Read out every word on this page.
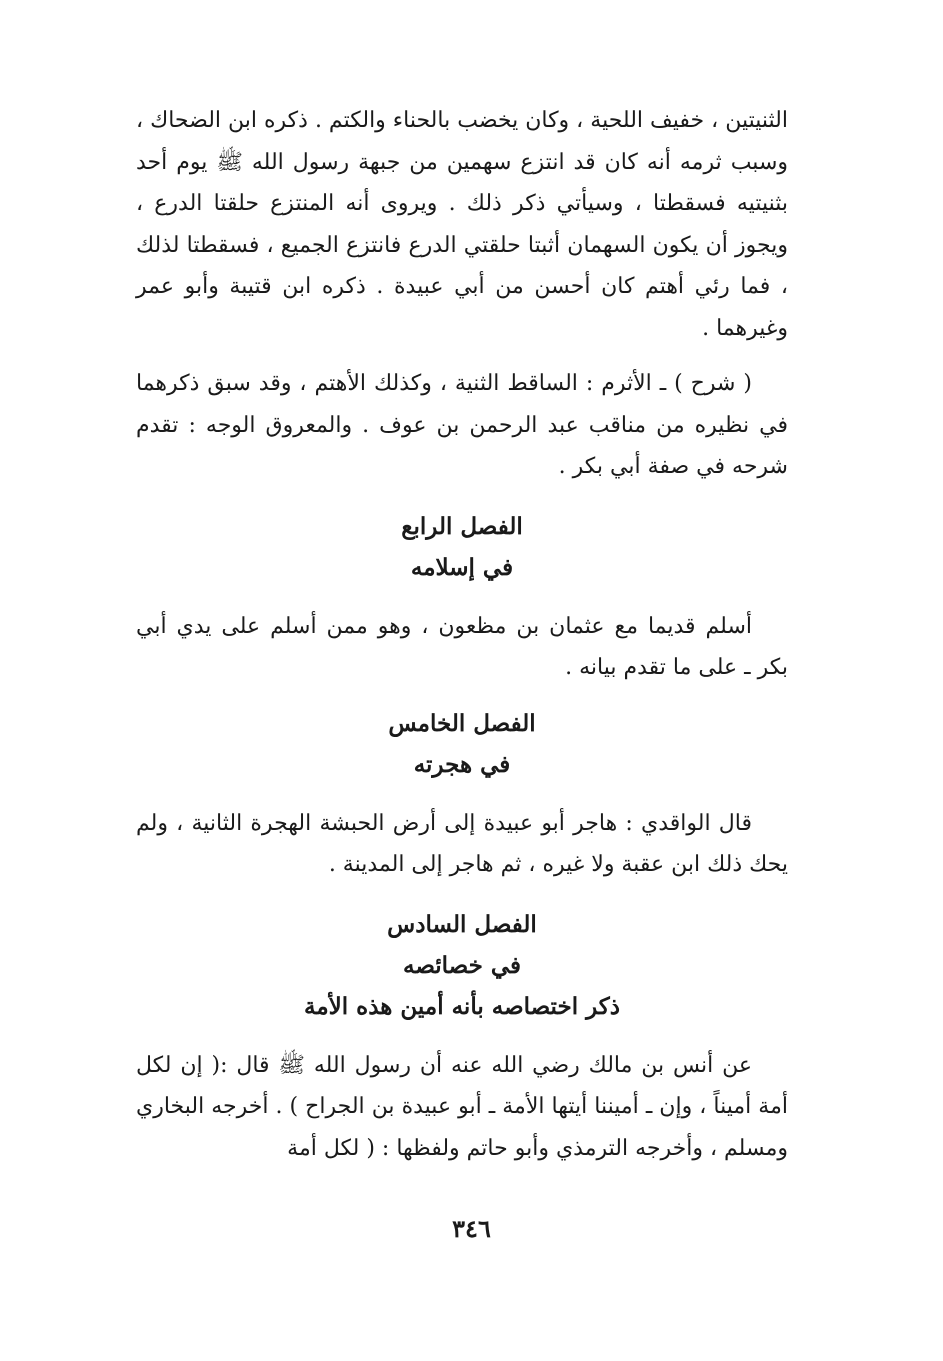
الثنيتين ، خفيف اللحية ، وكان يخضب بالحناء والكتم . ذكره ابن الضحاك ، وسبب ثرمه أنه كان قد انتزع سهمين من جبهة رسول الله ﷺ يوم أحد بثنيتيه فسقطتا ، وسيأتي ذكر ذلك . ويروى أنه المنتزع حلقتا الدرع ، ويجوز أن يكون السهمان أثبتا حلقتي الدرع فانتزع الجميع ، فسقطتا لذلك ، فما رئي أهتم كان أحسن من أبي عبيدة . ذكره ابن قتيبة وأبو عمر وغيرهما .

( شرح ) ـ الأثرم : الساقط الثنية ، وكذلك الأهتم ، وقد سبق ذكرهما في نظيره من مناقب عبد الرحمن بن عوف . والمعروق الوجه : تقدم شرحه في صفة أبي بكر .

الفصل الرابع
في إسلامه

أسلم قديما مع عثمان بن مظعون ، وهو ممن أسلم على يدي أبي بكر ـ على ما تقدم بيانه .

الفصل الخامس
في هجرته

قال الواقدي : هاجر أبو عبيدة إلى أرض الحبشة الهجرة الثانية ، ولم يحك ذلك ابن عقبة ولا غيره ، ثم هاجر إلى المدينة .

الفصل السادس
في خصائصه
ذكر اختصاصه بأنه أمين هذه الأمة

عن أنس بن مالك رضي الله عنه أن رسول الله ﷺ قال :( إن لكل أمة أميناً ، وإن ـ أميننا أيتها الأمة ـ أبو عبيدة بن الجراح ) . أخرجه البخاري ومسلم ، وأخرجه الترمذي وأبو حاتم ولفظها : ( لكل أمة

٣٤٦
